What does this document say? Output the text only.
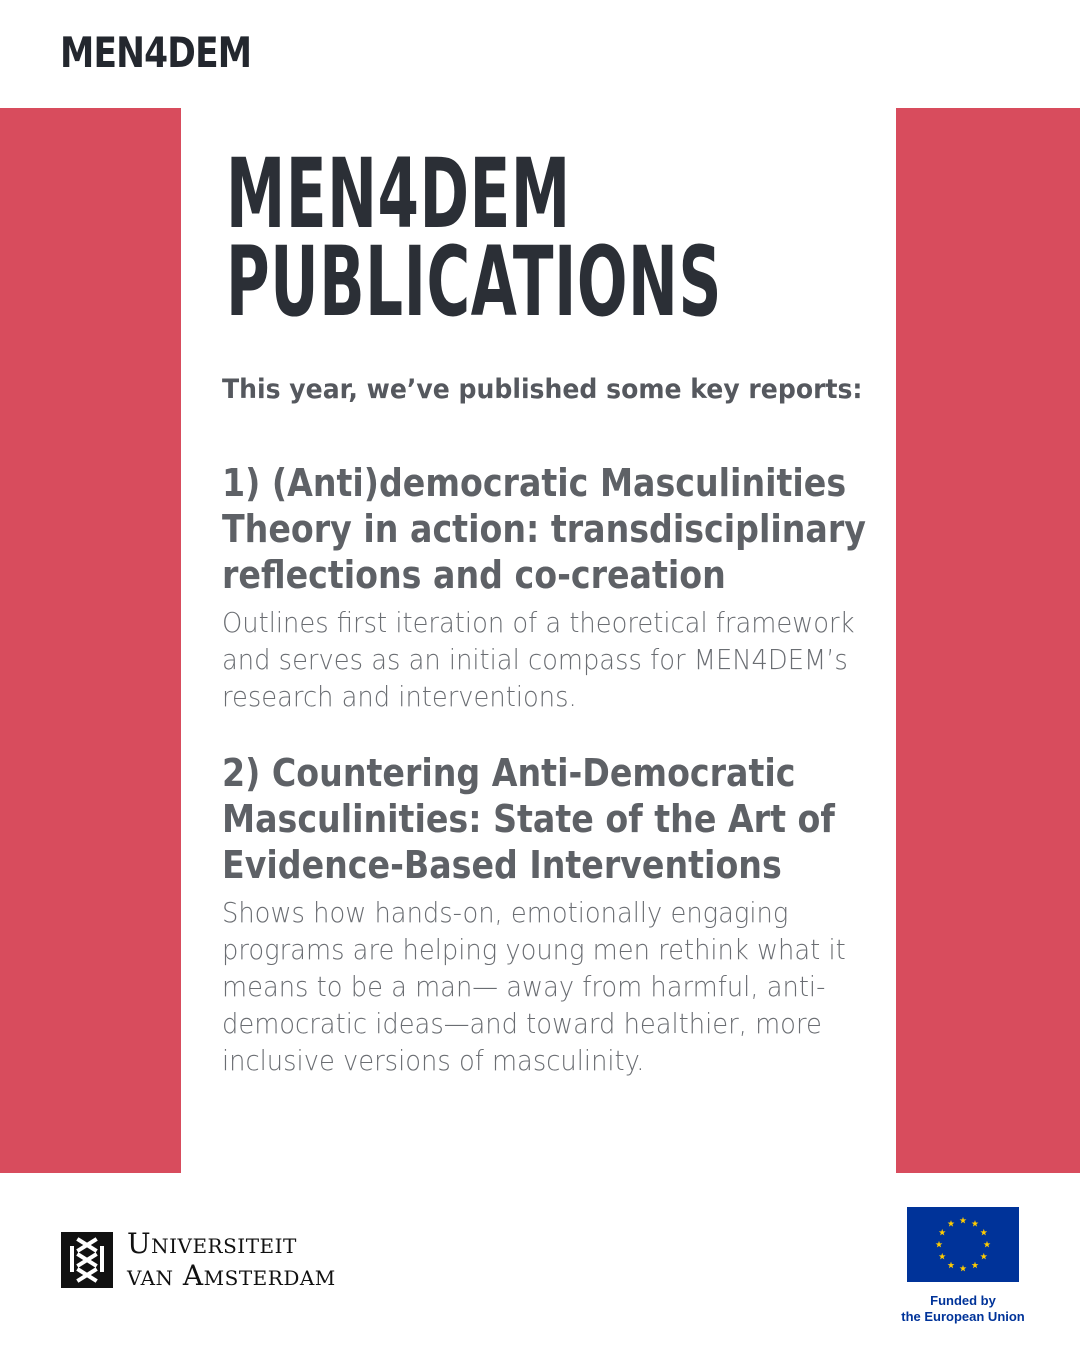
MEN4DEM
MEN4DEM
PUBLICATIONS

This year, we’ve published some key reports:

1) (Anti)democratic Masculinities Theory in action: transdisciplinary reflections and co-creation

Outlines first iteration of a theoretical framework and serves as an initial compass for MEN4DEM’s research and interventions.

2) Countering Anti-Democratic Masculinities: State of the Art of Evidence-Based Interventions

Shows how hands-on, emotionally engaging programs are helping young men rethink what it means to be a man— away from harmful, anti-democratic ideas—and toward healthier, more inclusive versions of masculinity.

Universiteit
van Amsterdam
Funded by
the European Union
